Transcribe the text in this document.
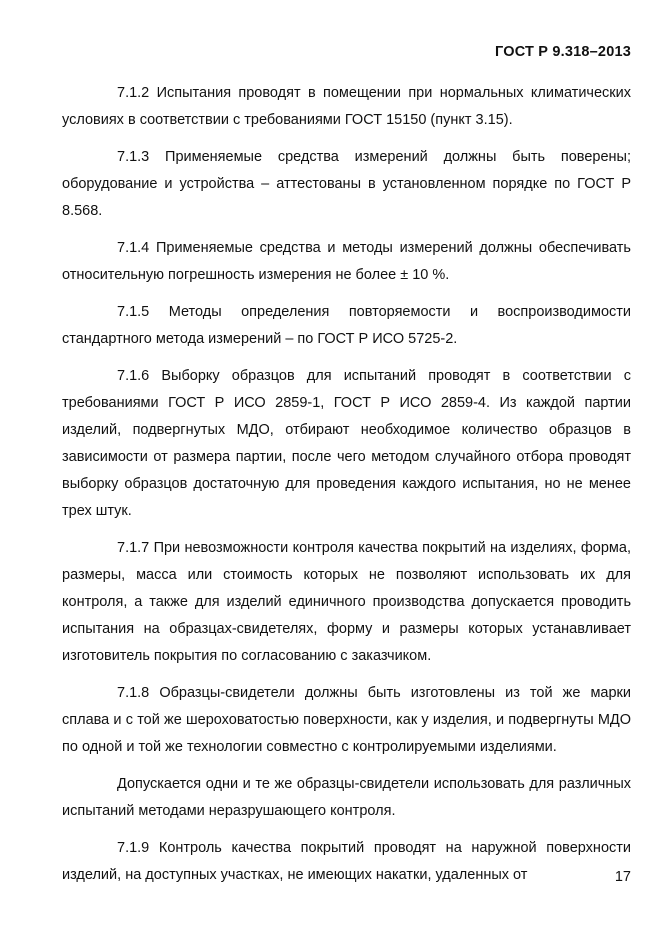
ГОСТ Р 9.318–2013

7.1.2 Испытания проводят в помещении при нормальных климатических условиях в соответствии с требованиями ГОСТ 15150 (пункт 3.15).

7.1.3 Применяемые средства измерений должны быть поверены; оборудование и устройства – аттестованы в установленном порядке по ГОСТ Р 8.568.

7.1.4 Применяемые средства и методы измерений должны обеспечивать относительную погрешность измерения не более ± 10 %.

7.1.5 Методы определения повторяемости и воспроизводимости стандартного метода измерений – по ГОСТ Р ИСО 5725-2.

7.1.6 Выборку образцов для испытаний проводят в соответствии с требованиями ГОСТ Р ИСО 2859-1, ГОСТ Р ИСО 2859-4. Из каждой партии изделий, подвергнутых МДО, отбирают необходимое количество образцов в зависимости от размера партии, после чего методом случайного отбора проводят выборку образцов достаточную для проведения каждого испытания, но не менее трех штук.

7.1.7 При невозможности контроля качества покрытий на изделиях, форма, размеры, масса или стоимость которых не позволяют использовать их для контроля, а также для изделий единичного производства допускается проводить испытания на образцах-свидетелях, форму и размеры которых устанавливает изготовитель покрытия по согласованию с заказчиком.

7.1.8 Образцы-свидетели должны быть изготовлены из той же марки сплава и с той же шероховатостью поверхности, как у изделия, и подвергнуты МДО по одной и той же технологии совместно с контролируемыми изделиями.

Допускается одни и те же образцы-свидетели использовать для различных испытаний методами неразрушающего контроля.

7.1.9 Контроль качества покрытий проводят на наружной поверхности изделий, на доступных участках, не имеющих накатки, удаленных от	17
